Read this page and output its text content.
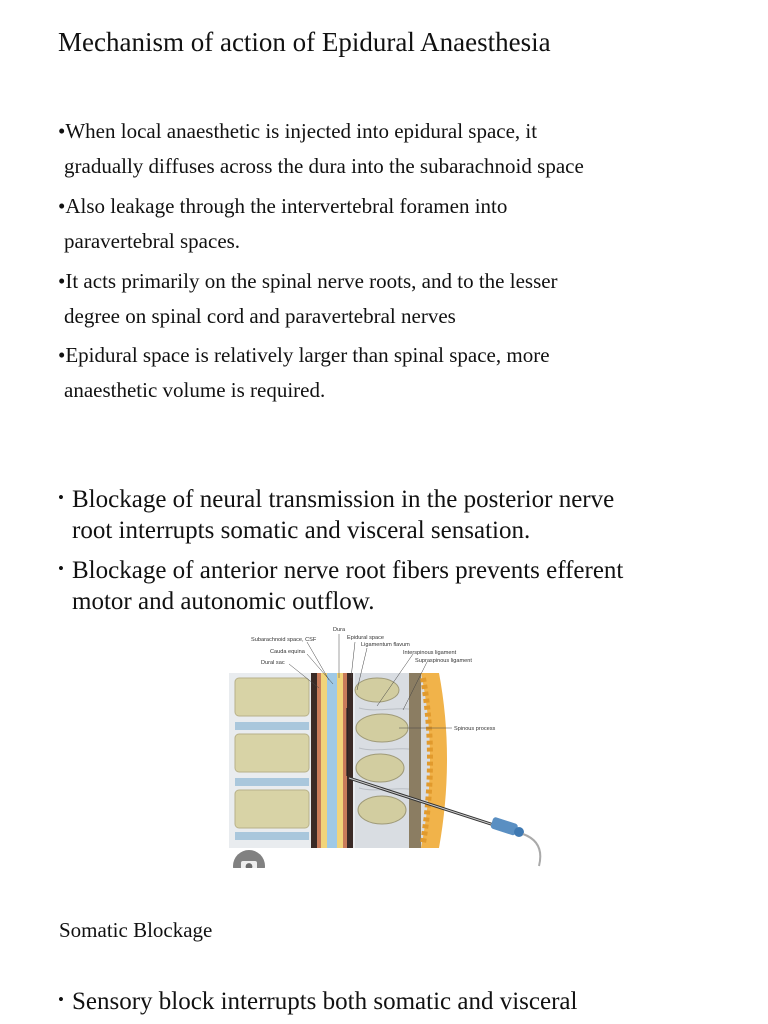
Mechanism of action of Epidural Anaesthesia
•When local anaesthetic is injected into epidural space, it
gradually diffuses across the dura into the subarachnoid space
•Also leakage through the intervertebral foramen into
paravertebral spaces.
•It acts primarily on the spinal nerve roots, and to the lesser
degree on spinal cord and paravertebral nerves
•Epidural space is relatively larger than spinal space, more
anaesthetic volume is required.
• Blockage of neural transmission in the posterior nerve
root interrupts somatic and visceral sensation.
• Blockage of anterior nerve root fibers prevents efferent
motor and autonomic outflow.
Dura
Subarachnoid space, CSF	Epidural space
Cauda equina
Ligamentum flavum
Interspinous ligament
Dural sac	Supraspinous ligament
Spinous process
Somatic Blockage
• Sensory block interrupts both somatic and visceral
